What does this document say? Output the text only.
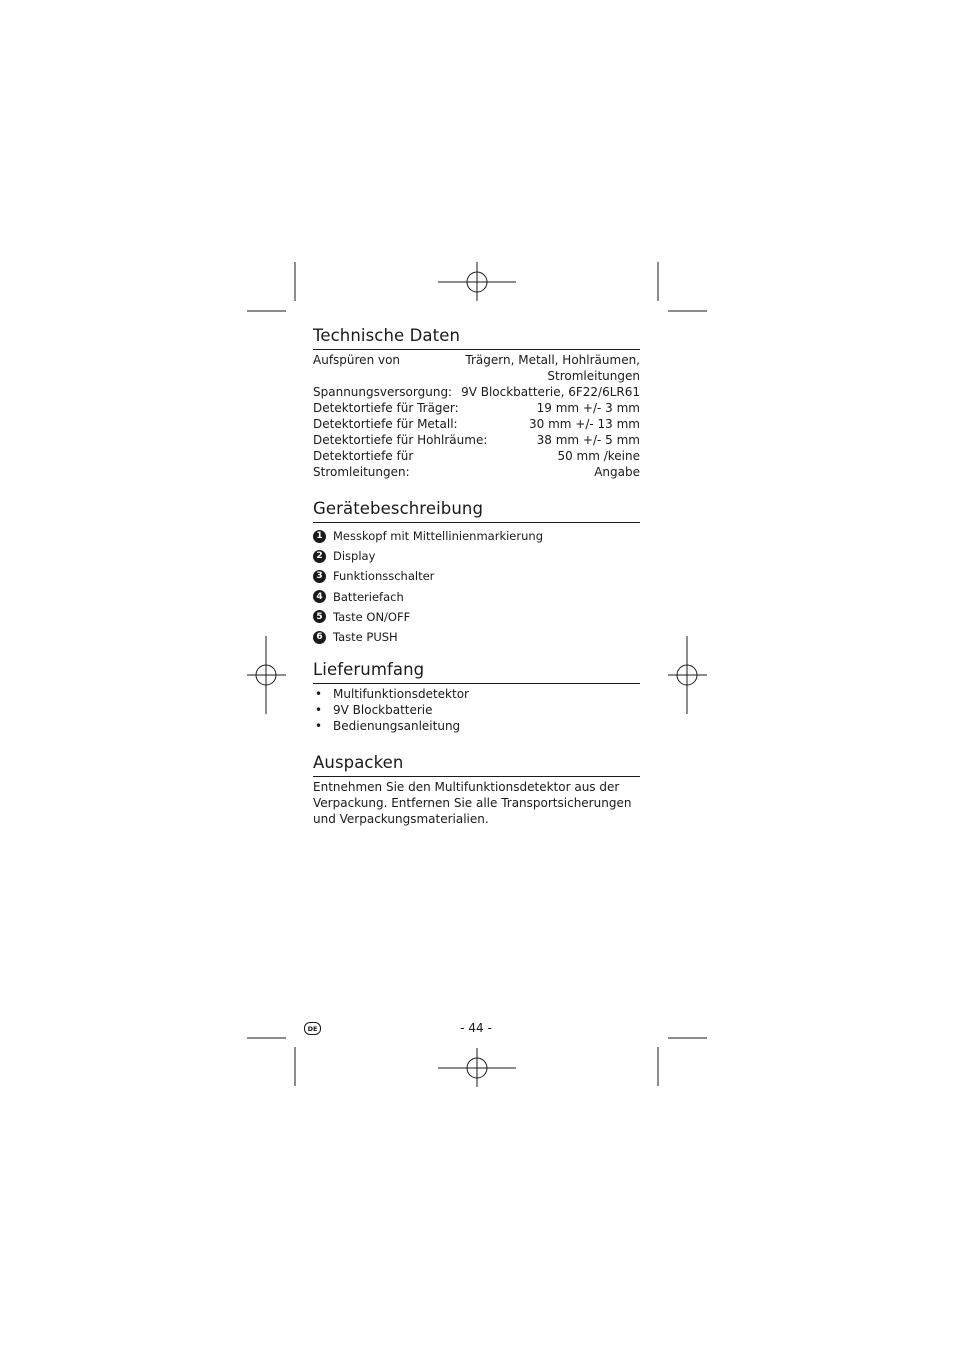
Technische Daten
Aufspüren von	Trägern, Metall, Hohlräumen,
Stromleitungen
Spannungsversorgung: 9V Blockbatterie, 6F22/6LR61
Detektortiefe für Träger:	19 mm +/- 3 mm
Detektortiefe für Metall:	30 mm +/- 13 mm
Detektortiefe für Hohlräume:	38 mm +/- 5 mm
Detektortiefe für Stromleitungen:
50 mm /keine Angabe
Gerätebeschreibung
1 Messkopf mit Mittellinienmarkierung
2 Display
3 Funktionsschalter
4 Batteriefach
5 Taste ON/OFF
6 Taste PUSH
Lieferumfang
• Multifunktionsdetektor
• 9V Blockbatterie
• Bedienungsanleitung
Auspacken

Entnehmen Sie den Multifunktionsdetektor aus der Verpackung. Entfernen Sie alle Transportsicherungen und Verpackungsmaterialien.

DE	- 44 -
